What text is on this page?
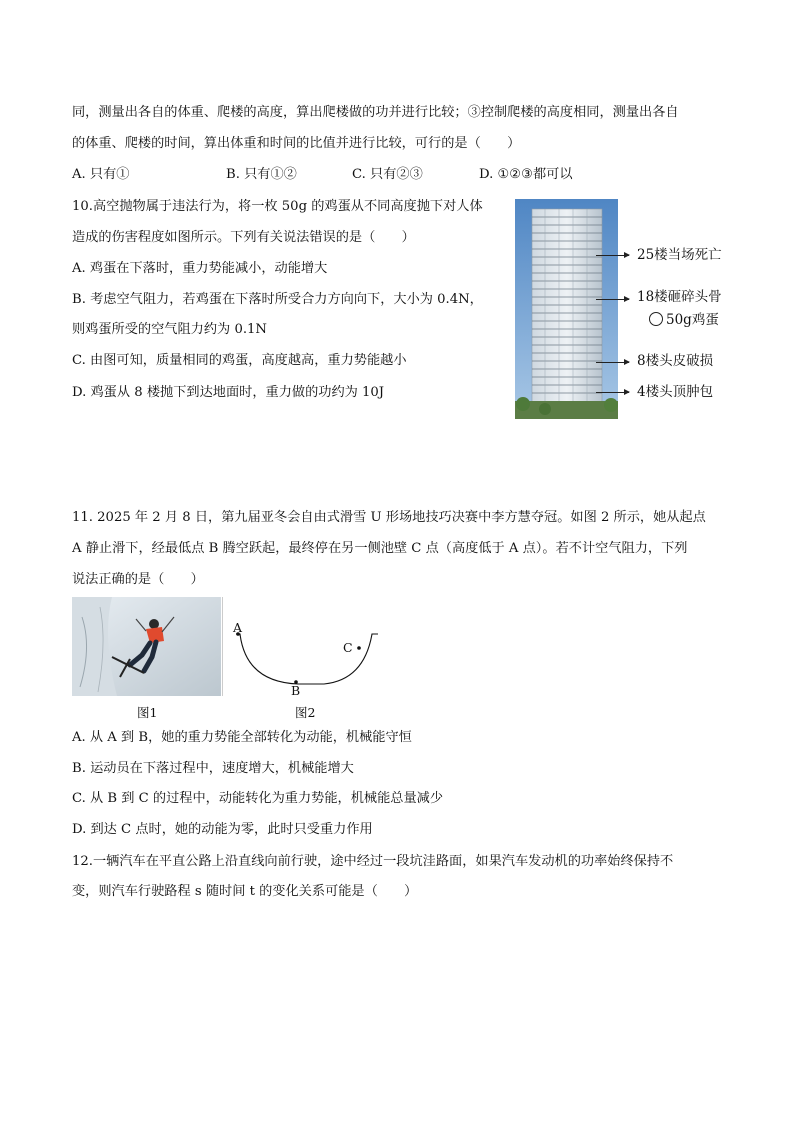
同，测量出各自的体重、爬楼的高度，算出爬楼做的功并进行比较；③控制爬楼的高度相同，测量出各自
的体重、爬楼的时间，算出体重和时间的比值并进行比较，可行的是（　　）
A. 只有①	B. 只有①②	C. 只有②③	D. ①②③都可以
10.高空抛物属于违法行为，将一枚 50g 的鸡蛋从不同高度抛下对人体
造成的伤害程度如图所示。下列有关说法错误的是（　　）
A. 鸡蛋在下落时，重力势能减小，动能增大
B. 考虑空气阻力，若鸡蛋在下落时所受合力方向向下，大小为 0.4N，
则鸡蛋所受的空气阻力约为 0.1N
C. 由图可知，质量相同的鸡蛋，高度越高，重力势能越小
D. 鸡蛋从 8 楼抛下到达地面时，重力做的功约为 10J
25楼当场死亡
18楼砸碎头骨
50g鸡蛋
8楼头皮破损
4楼头顶肿包
11. 2025 年 2 月 8 日，第九届亚冬会自由式滑雪 U 形场地技巧决赛中李方慧夺冠。如图 2 所示，她从起点
A 静止滑下，经最低点 B 腾空跃起，最终停在另一侧池壁 C 点（高度低于 A 点）。若不计空气阻力，下列
说法正确的是（　　）
A
B
C
图1	图2
A. 从 A 到 B，她的重力势能全部转化为动能，机械能守恒
B. 运动员在下落过程中，速度增大，机械能增大
C. 从 B 到 C 的过程中，动能转化为重力势能，机械能总量减少
D. 到达 C 点时，她的动能为零，此时只受重力作用
12.一辆汽车在平直公路上沿直线向前行驶，途中经过一段坑洼路面，如果汽车发动机的功率始终保持不
变，则汽车行驶路程 s 随时间 t 的变化关系可能是（　　）
